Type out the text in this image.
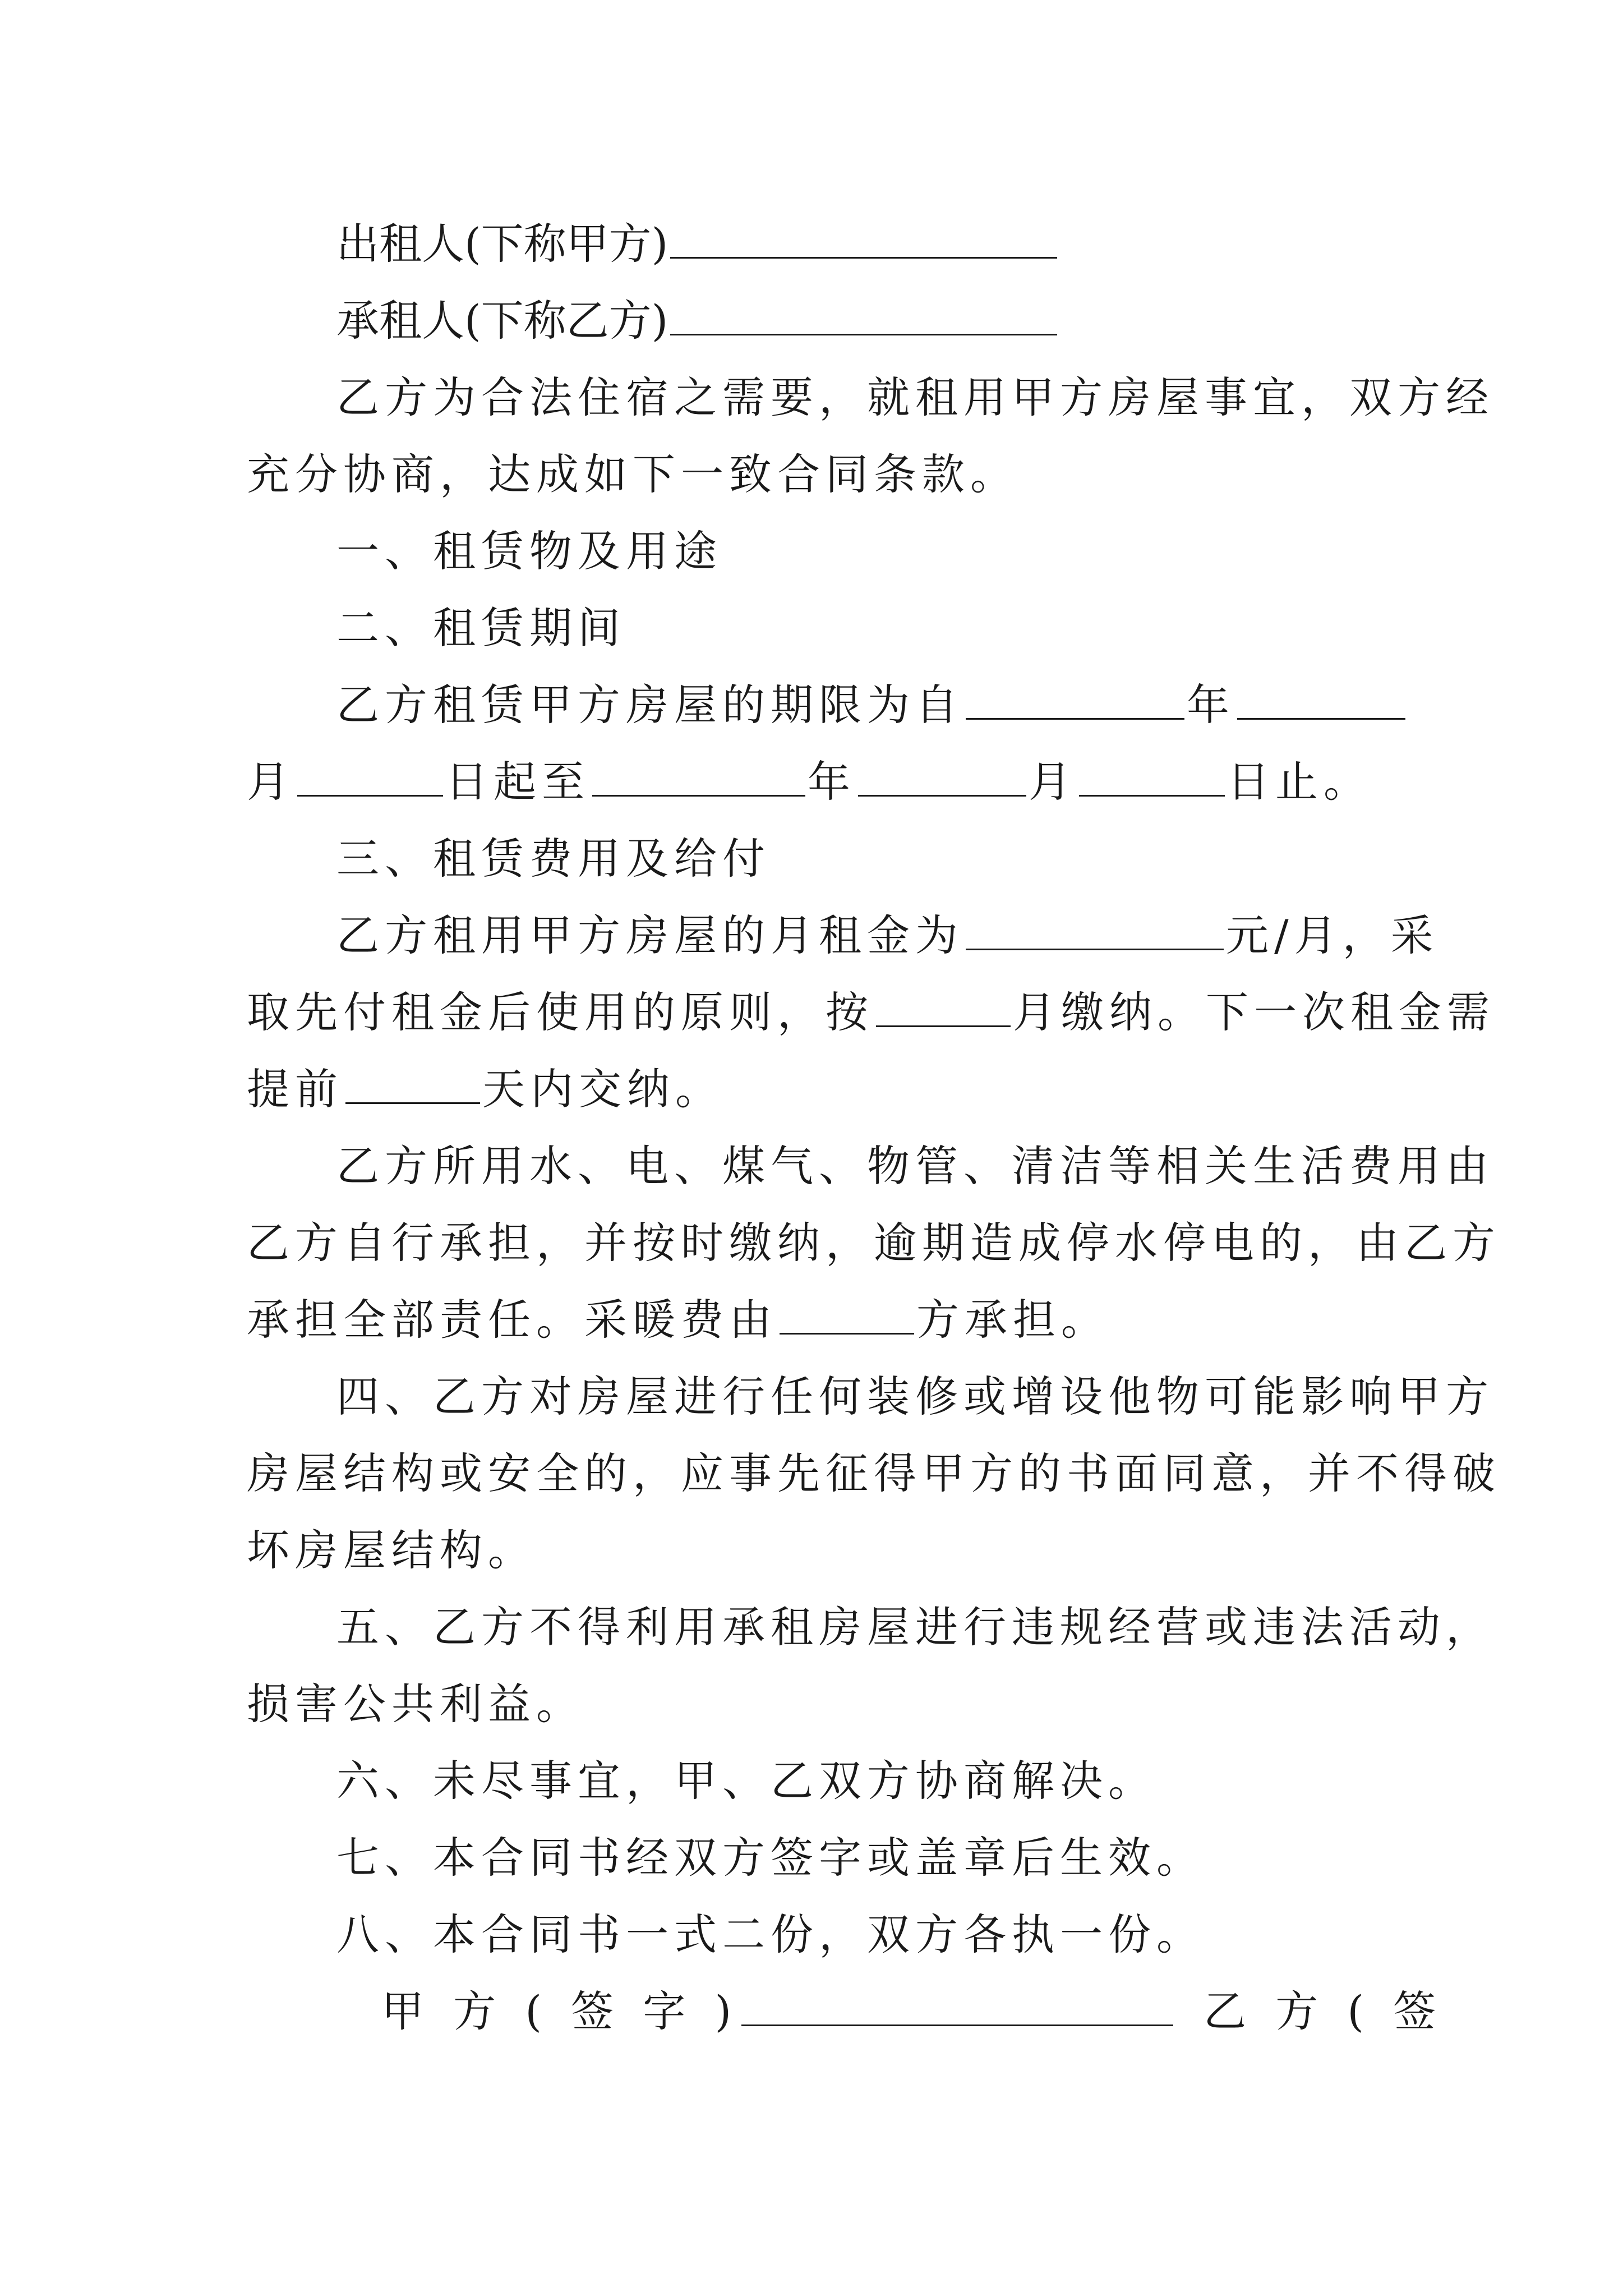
出租人(下称甲方)
承租人(下称乙方)
乙方为合法住宿之需要，就租用甲方房屋事宜，双方经
充分协商，达成如下一致合同条款。
一、租赁物及用途
二、租赁期间
乙方租赁甲方房屋的期限为自	年
月	日起至	年	月	日止。
三、租赁费用及给付
乙方租用甲方房屋的月租金为	元/月，采
取先付租金后使用的原则，按	月缴纳。下一次租金需
提前	天内交纳。
乙方所用水、电、煤气、物管、清洁等相关生活费用由
乙方自行承担，并按时缴纳，逾期造成停水停电的，由乙方
承担全部责任。采暖费由	方承担。
四、乙方对房屋进行任何装修或增设他物可能影响甲方
房屋结构或安全的，应事先征得甲方的书面同意，并不得破
坏房屋结构。
五、乙方不得利用承租房屋进行违规经营或违法活动，
损害公共利益。
六、未尽事宜，甲、乙双方协商解决。
七、本合同书经双方签字或盖章后生效。
八、本合同书一式二份，双方各执一份。
甲 方 ( 签 字 )	乙 方 ( 签
